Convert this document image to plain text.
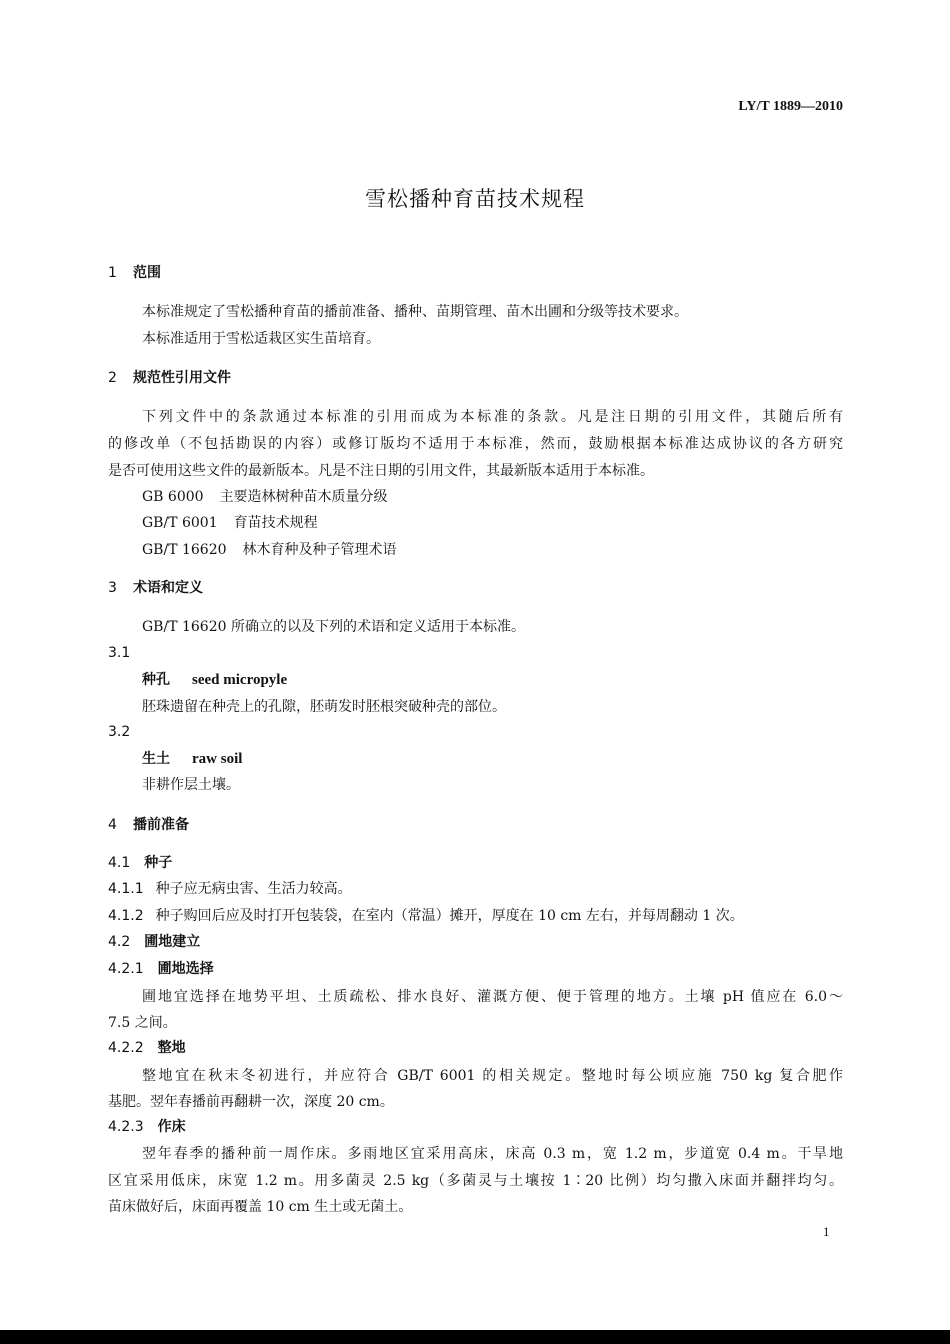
LY/T 1889—2010
雪松播种育苗技术规程
1 范围
本标准规定了雪松播种育苗的播前准备、播种、苗期管理、苗木出圃和分级等技术要求。
本标准适用于雪松适栽区实生苗培育。
2 规范性引用文件
下列文件中的条款通过本标准的引用而成为本标准的条款。凡是注日期的引用文件，其随后所有
的修改单（不包括勘误的内容）或修订版均不适用于本标准，然而，鼓励根据本标准达成协议的各方研究
是否可使用这些文件的最新版本。凡是不注日期的引用文件，其最新版本适用于本标准。
GB 6000 主要造林树种苗木质量分级
GB/T 6001 育苗技术规程
GB/T 16620 林木育种及种子管理术语
3 术语和定义
GB/T 16620 所确立的以及下列的术语和定义适用于本标准。
3.1
种孔 seed micropyle
胚珠遗留在种壳上的孔隙，胚萌发时胚根突破种壳的部位。
3.2
生土 raw soil
非耕作层土壤。
4 播前准备
4.1 种子
4.1.1 种子应无病虫害、生活力较高。
4.1.2 种子购回后应及时打开包装袋，在室内（常温）摊开，厚度在 10 cm 左右，并每周翻动 1 次。
4.2 圃地建立
4.2.1 圃地选择
圃地宜选择在地势平坦、土质疏松、排水良好、灌溉方便、便于管理的地方。土壤 pH 值应在 6.0～
7.5 之间。
4.2.2 整地
整地宜在秋末冬初进行，并应符合 GB/T 6001 的相关规定。整地时每公顷应施 750 kg 复合肥作
基肥。翌年春播前再翻耕一次，深度 20 cm。
4.2.3 作床
翌年春季的播种前一周作床。多雨地区宜采用高床，床高 0.3 m，宽 1.2 m，步道宽 0.4 m。干旱地
区宜采用低床，床宽 1.2 m。用多菌灵 2.5 kg（多菌灵与土壤按 1∶20 比例）均匀撒入床面并翻拌均匀。
苗床做好后，床面再覆盖 10 cm 生土或无菌土。
1
